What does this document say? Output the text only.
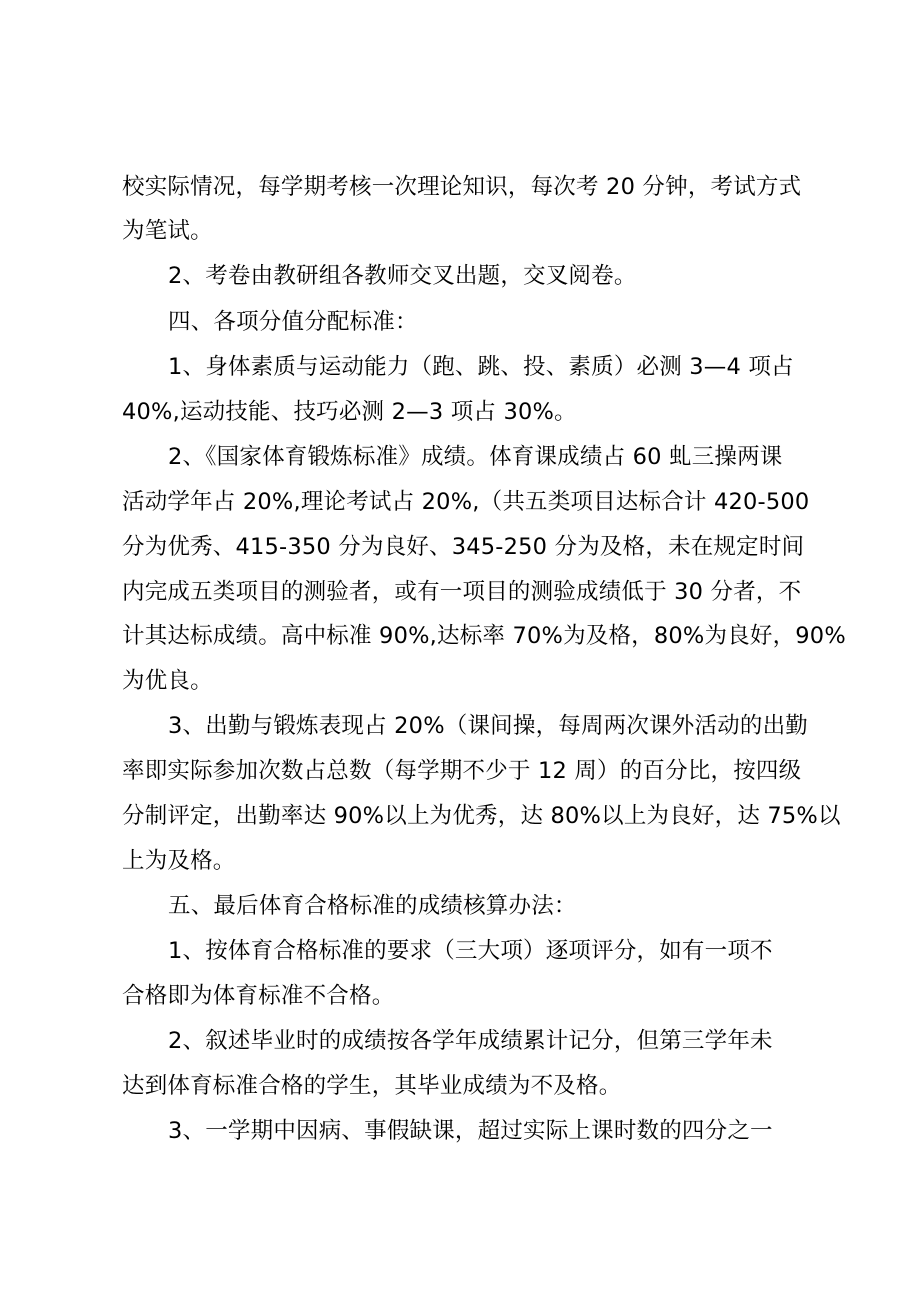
校实际情况，每学期考核一次理论知识，每次考 20 分钟，考试方式
为笔试。
2、考卷由教研组各教师交叉出题，交叉阅卷。
四、各项分值分配标准：
1、身体素质与运动能力（跑、跳、投、素质）必测 3—4 项占
40%,运动技能、技巧必测 2—3 项占 30%。
2、《国家体育锻炼标准》成绩。体育课成绩占 60 虬三操两课
活动学年占 20%,理论考试占 20%,（共五类项目达标合计 420-500
分为优秀、415-350 分为良好、345-250 分为及格，未在规定时间
内完成五类项目的测验者，或有一项目的测验成绩低于 30 分者，不
计其达标成绩。高中标准 90%,达标率 70%为及格，80%为良好，90%
为优良。
3、出勤与锻炼表现占 20%（课间操，每周两次课外活动的出勤
率即实际参加次数占总数（每学期不少于 12 周）的百分比，按四级
分制评定，出勤率达 90%以上为优秀，达 80%以上为良好，达 75%以
上为及格。
五、最后体育合格标准的成绩核算办法：
1、按体育合格标准的要求（三大项）逐项评分，如有一项不
合格即为体育标准不合格。
2、叙述毕业时的成绩按各学年成绩累计记分，但第三学年未
达到体育标准合格的学生，其毕业成绩为不及格。
3、一学期中因病、事假缺课，超过实际上课时数的四分之一
